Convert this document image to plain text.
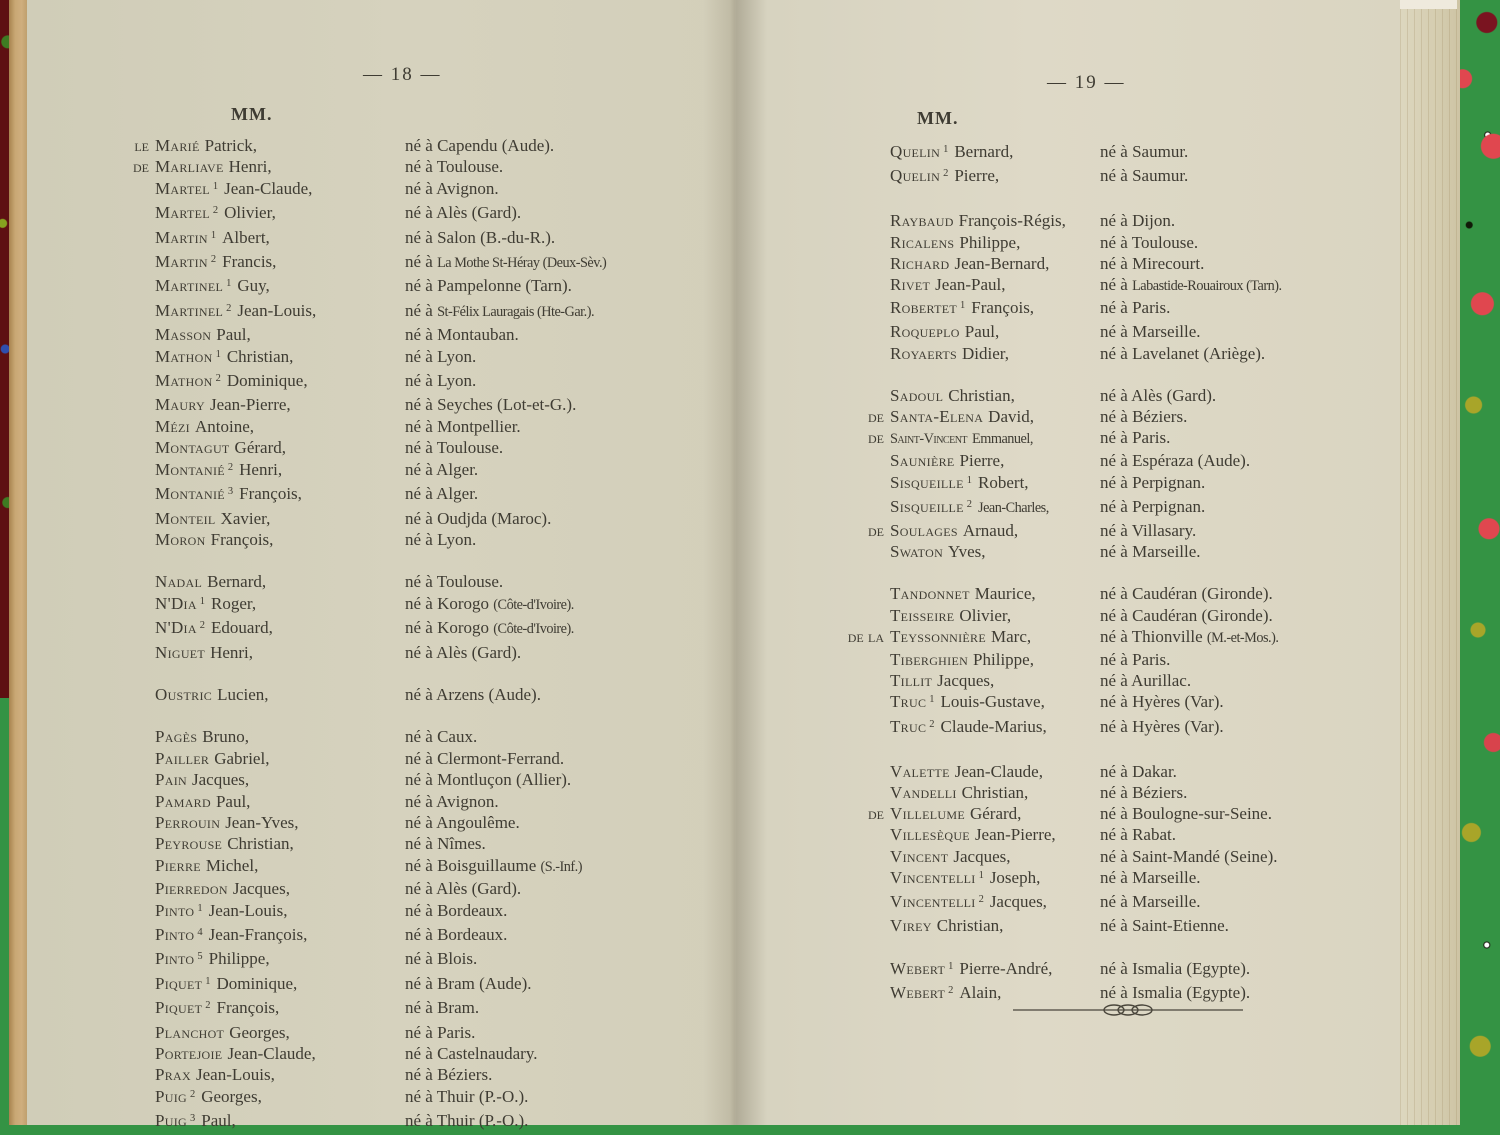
— 18 —
MM.
le Marié Patrick,	né à Capendu (Aude).
de Marliave Henri,	né à Toulouse.
Martel $^1$ Jean-Claude,	né à Avignon.
Martel $^2$ Olivier,	né à Alès (Gard).
Martin $^1$ Albert,	né à Salon (B.-du-R.).
Martin $^2$ Francis,	né à La Mothe St-Héray (Deux-Sèv.)
Martinel $^1$ Guy,	né à Pampelonne (Tarn).
Martinel $^2$ Jean-Louis,	né à St-Félix Lauragais (Hte-Gar.).
Masson Paul,	né à Montauban.
Mathon $^1$ Christian,	né à Lyon.
Mathon $^2$ Dominique,	né à Lyon.
Maury Jean-Pierre,	né à Seyches (Lot-et-G.).
Mézi Antoine,	né à Montpellier.
Montagut Gérard,	né à Toulouse.
Montanié $^2$ Henri,	né à Alger.
Montanié $^3$ François,	né à Alger.
Monteil Xavier,	né à Oudjda (Maroc).
Moron François,	né à Lyon.
Nadal Bernard,	né à Toulouse.
N'Dia $^1$ Roger,	né à Korogo (Côte-d'Ivoire).
N'Dia $^2$ Edouard,	né à Korogo (Côte-d'Ivoire).
Niguet Henri,	né à Alès (Gard).
Oustric Lucien,	né à Arzens (Aude).
Pagès Bruno,	né à Caux.
Pailler Gabriel,	né à Clermont-Ferrand.
Pain Jacques,	né à Montluçon (Allier).
Pamard Paul,	né à Avignon.
Perrouin Jean-Yves,	né à Angoulême.
Peyrouse Christian,	né à Nîmes.
Pierre Michel,	né à Boisguillaume (S.-Inf.)
Pierredon Jacques,	né à Alès (Gard).
Pinto $^1$ Jean-Louis,	né à Bordeaux.
Pinto $^4$ Jean-François,	né à Bordeaux.
Pinto $^5$ Philippe,	né à Blois.
Piquet $^1$ Dominique,	né à Bram (Aude).
Piquet $^2$ François,	né à Bram.
Planchot Georges,	né à Paris.
Portejoie Jean-Claude,	né à Castelnaudary.
Prax Jean-Louis,	né à Béziers.
Puig $^2$ Georges,	né à Thuir (P.-O.).
Puig $^3$ Paul,	né à Thuir (P.-O.).
— 19 —
MM.
Quelin $^1$ Bernard,	né à Saumur.
Quelin $^2$ Pierre,	né à Saumur.
Raybaud François-Régis,	né à Dijon.
Ricalens Philippe,	né à Toulouse.
Richard Jean-Bernard,	né à Mirecourt.
Rivet Jean-Paul,	né à Labastide-Rouairoux (Tarn).
Robertet $^1$ François,	né à Paris.
Roqueplo Paul,	né à Marseille.
Royaerts Didier,	né à Lavelanet (Ariège).
Sadoul Christian,	né à Alès (Gard).
de Santa-Elena David,	né à Béziers.
de Saint-Vincent Emmanuel,	né à Paris.
Saunière Pierre,	né à Espéraza (Aude).
Sisqueille $^1$ Robert,	né à Perpignan.
Sisqueille $^2$ Jean-Charles,	né à Perpignan.
de Soulages Arnaud,	né à Villasary.
Swaton Yves,	né à Marseille.
Tandonnet Maurice,	né à Caudéran (Gironde).
Teisseire Olivier,	né à Caudéran (Gironde).
de la Teyssonnière Marc,	né à Thionville (M.-et-Mos.).
Tiberghien Philippe,	né à Paris.
Tillit Jacques,	né à Aurillac.
Truc $^1$ Louis-Gustave,	né à Hyères (Var).
Truc $^2$ Claude-Marius,	né à Hyères (Var).
Valette Jean-Claude,	né à Dakar.
Vandelli Christian,	né à Béziers.
de Villelume Gérard,	né à Boulogne-sur-Seine.
Villesèque Jean-Pierre,	né à Rabat.
Vincent Jacques,	né à Saint-Mandé (Seine).
Vincentelli $^1$ Joseph,	né à Marseille.
Vincentelli $^2$ Jacques,	né à Marseille.
Virey Christian,	né à Saint-Etienne.
Webert $^1$ Pierre-André,	né à Ismalia (Egypte).
Webert $^2$ Alain,	né à Ismalia (Egypte).
